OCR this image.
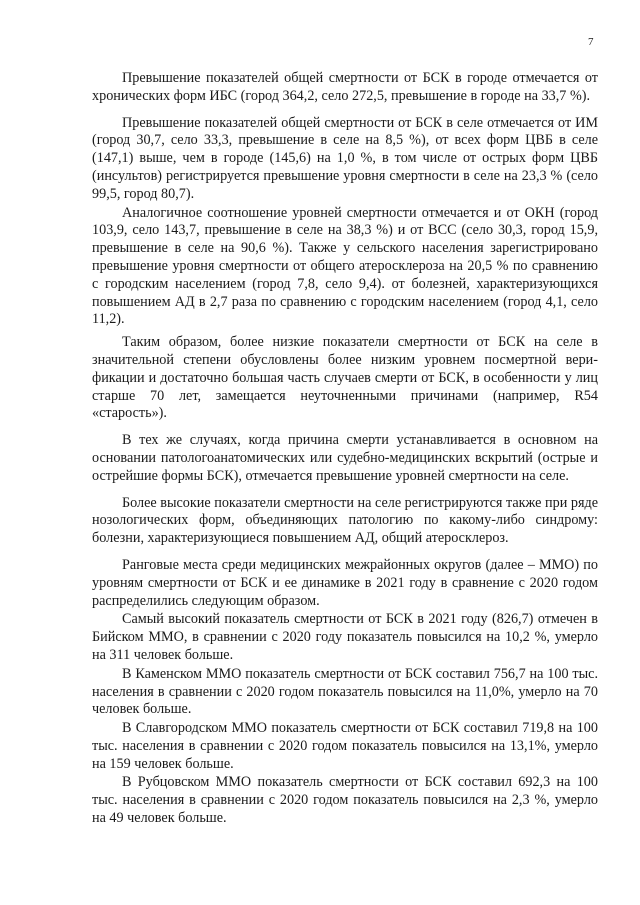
7

Превышение показателей общей смертности от БСК в городе отмечается от хронических форм ИБС (город 364,2, село 272,5, превышение в городе на 33,7 %).

Превышение показателей общей смертности от БСК в селе отмечается от ИМ (город 30,7, село 33,3, превышение в селе на 8,5 %), от всех форм ЦВБ в селе (147,1) выше, чем в городе (145,6) на 1,0 %, в том числе от острых форм ЦВБ (инсультов) регистрируется превышение уровня смертности в селе на 23,3 % (село 99,5, город 80,7).

Аналогичное соотношение уровней смертности отмечается и от ОКН (город 103,9, село 143,7, превышение в селе на 38,3 %) и от ВСС (село 30,3, город 15,9, превышение в селе на 90,6 %). Также у сельского населения зарегистрировано превышение уровня смертности от общего атеросклероза на 20,5 % по сравнению с городским населением (город 7,8, село 9,4). от болезней, характеризующихся повышением АД в 2,7 раза по сравнению с городским населением (город 4,1, село 11,2).

Таким образом, более низкие показатели смертности от БСК на селе в значительной степени обусловлены более низким уровнем посмертной верификации и достаточно большая часть случаев смерти от БСК, в особенности у лиц старше 70 лет, замещается неуточненными причинами (например, R54 «старость»).

В тех же случаях, когда причина смерти устанавливается в основном на основании патологоанатомических или судебно-медицинских вскрытий (острые и острейшие формы БСК), отмечается превышение уровней смертности на селе.

Более высокие показатели смертности на селе регистрируются также при ряде нозологических форм, объединяющих патологию по какому-либо синдрому: болезни, характеризующиеся повышением АД, общий атеросклероз.

Ранговые места среди медицинских межрайонных округов (далее – ММО) по уровням смертности от БСК и ее динамике в 2021 году в сравнение с 2020 годом распределились следующим образом.

Самый высокий показатель смертности от БСК в 2021 году (826,7) отмечен в Бийском ММО, в сравнении с 2020 году показатель повысился на 10,2 %, умерло на 311 человек больше.

В Каменском ММО показатель смертности от БСК составил 756,7 на 100 тыс. населения в сравнении с 2020 годом показатель повысился на 11,0%, умерло на 70 человек больше.

В Славгородском ММО показатель смертности от БСК составил 719,8 на 100 тыс. населения в сравнении с 2020 годом показатель повысился на 13,1%, умерло на 159 человек больше.

В Рубцовском ММО показатель смертности от БСК составил 692,3 на 100 тыс. населения в сравнении с 2020 годом показатель повысился на 2,3 %, умерло на 49 человек больше.
